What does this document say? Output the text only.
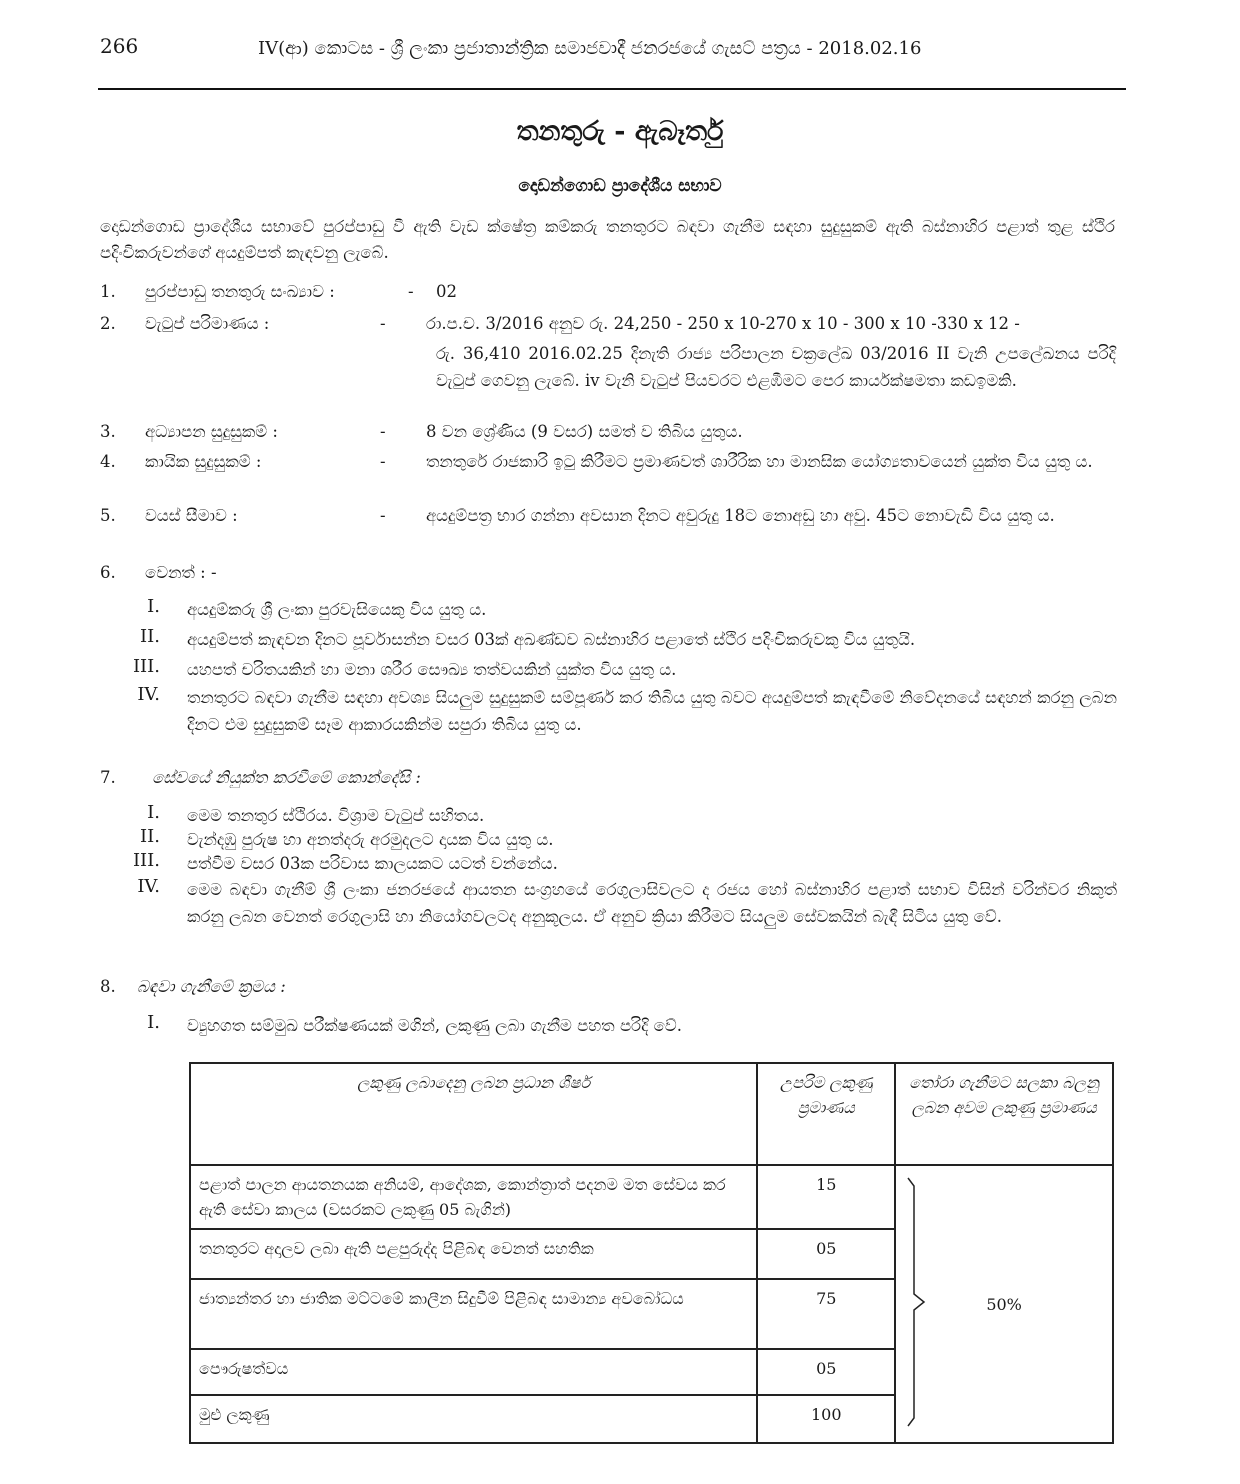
266	IV(ආ) කොටස - ශ්‍රී ලංකා ප්‍රජාතාන්ත්‍රික සමාජවාදී ජනරජයේ ගැසට් පත්‍රය - 2018.02.16
තනතුරු - ඇබෑර්තු
දොඩන්ගොඩ ප්‍රාදේශීය සභාව
දොඩන්ගොඩ ප්‍රාදේශීය සභාවේ පුරප්පාඩු වී ඇති වැඩ ක්ෂේත්‍ර කම්කරු තනතුරට බඳවා ගැනීම සඳහා සුදුසුකම් ඇති බස්නාහිර පළාත් තුළ ස්ථිර පදිංචිකරුවන්ගේ අයදුම්පත් කැඳවනු ලැබේ.
1. පුරප්පාඩු තනතුරු සංඛ්‍යාව :	- 02
2. වැටුප් පරිමාණය :	- රා.ප.ච. 3/2016 අනුව රු. 24,250 - 250 x 10-270 x 10 - 300 x 10 -330 x 12 -
රු. 36,410 2016.02.25 දිනැති රාජ්‍ය පරිපාලන චක්‍රලේඛ 03/2016 II වැනි උපලේඛනය පරිදි වැටුප් ගෙවනු ලැබේ. iv වැනි වැටුප් පියවරට එළඹීමට පෙර කාර්යක්ෂමතා කඩඉමකි.
3. අධ්‍යාපන සුදුසුකම් :	- 8 වන ශ්‍රේණිය (9 වසර) සමත් ව තිබිය යුතුය.
4. කායික සුදුසුකම් :	- තනතුරේ රාජකාරි ඉටු කිරීමට ප්‍රමාණවත් ශාරීරික හා මානසික යෝග්‍යතාවයෙන් යුක්ත විය යුතු ය.
5. වයස් සීමාව :	- අයදුම්පත්‍ර භාර ගන්නා අවසාන දිනට අවුරුදු 18ට නොඅඩු හා අවු. 45ට නොවැඩි විය යුතු ය.
6. වෙනත් : -
I. අයදුම්කරු ශ්‍රී ලංකා පුරවැසියෙකු විය යුතු ය.
II. අයදුම්පත් කැඳවන දිනට පූර්වාසන්න වසර 03ක් අඛණ්ඩව බස්නාහිර පළාතේ ස්ථිර පදිංචිකරුවකු විය යුතුයි.
III. යහපත් චරිතයකින් හා මනා ශරීර සෞඛ්‍ය තත්වයකින් යුක්ත විය යුතු ය.
IV. තනතුරට බඳවා ගැනීම සඳහා අවශ්‍ය සියලුම සුදුසුකම් සම්පූර්ණ කර තිබිය යුතු බවට අයදුම්පත් කැඳවීමේ නිවේදනයේ සඳහන් කරනු ලබන දිනට එම සුදුසුකම් සෑම ආකාරයකින්ම සපුරා තිබිය යුතු ය.
7. සේවයේ නියුක්ත කරවීමේ කොන්දේසි :
I. මෙම තනතුර ස්ථිරය. විශ්‍රාම වැටුප් සහිතය.
II. වැන්දඹු පුරුෂ හා අනත්දරු අරමුදලට දායක විය යුතු ය.
III. පත්වීම වසර 03ක පරිවාස කාලයකට යටත් වන්නේය.
IV. මෙම බඳවා ගැනීම් ශ්‍රී ලංකා ජනරජයේ ආයතන සංග්‍රහයේ රෙගුලාසිවලට ද රජය හෝ බස්නාහිර පළාත් සභාව විසින් වරින්වර නිකුත් කරනු ලබන වෙනත් රෙගුලාසි හා නියෝගවලටද අනුකූලය. ඒ අනුව ක්‍රියා කිරීමට සියලුම සේවකයින් බැඳී සිටිය යුතු වේ.
8. බඳවා ගැනීමේ ක්‍රමය :
I. ව්‍යුහගත සම්මුඛ පරීක්ෂණයක් මගින්, ලකුණු ලබා ගැනීම පහත පරිදි වේ.
ලකුණු ලබාදෙනු ලබන ප්‍රධාන ශීර්ෂ	උපරිම ලකුණු ප්‍රමාණය	තෝරා ගැනීමට සලකා බලනු ලබන අවම ලකුණු ප්‍රමාණය
පළාත් පාලන ආයතනයක අනියම්, ආදේශක, කොන්ත්‍රාත් පදනම මත සේවය කර ඇති සේවා කාලය (වසරකට ලකුණු 05 බැගින්)	15	50%
තනතුරට අදාලව ලබා ඇති පළපුරුද්ද පිළිබඳ වෙනත් සහතික	05	
ජාත්‍යන්තර හා ජාතික මට්ටමේ කාලීන සිදුවීම් පිළිබඳ සාමාන්‍ය අවබෝධය	75	
පෞරුෂත්වය	05	
මුළු ලකුණු	100	
